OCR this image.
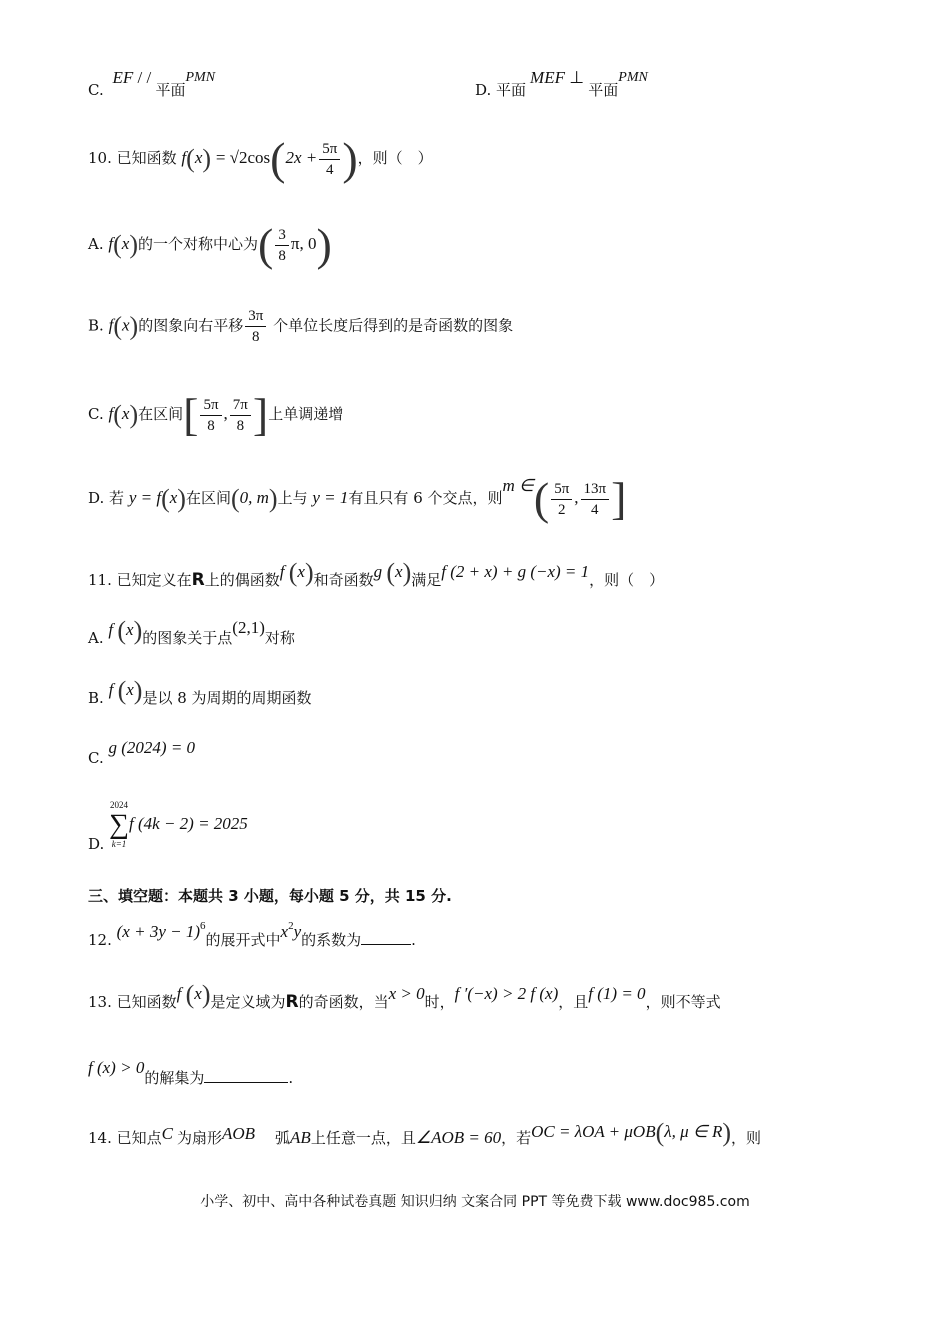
C. EF / / 平面PMN
D. 平面MEF ⊥ 平面PMN
10. 已知函数 $f(x) = √2\cos(2x + \frac{5\pi}{4}$ )，则（　）
A. f(x)的一个对称中心为( $\frac{3}{8} \pi$, 0)
B. f(x)的图象向右平移 $\frac{3\pi}{8}$ 个单位长度后得到的是奇函数的图象
C. f(x)在区间[ $\frac{5\pi}{8}$ , $\frac{7\pi}{8}$ ]上单调递增
D. 若 y = f(x)在区间(0, m)上与 y = 1有且只有 6 个交点，则m ∈( $\frac{5\pi}{2}$ , $\frac{13\pi}{4}$ ]
11. 已知定义在R上的偶函数f (x)和奇函数g (x)满足f (2 + x) + g (−x) = 1，则（　）
A. f (x)的图象关于点(2,1)对称
B. f (x)是以 8 为周期的周期函数
C. g (2024) = 0
D.
2024
∑
k=1
f (4k − 2) = 2025
三、填空题：本题共 3 小题，每小题 5 分，共 15 分.
12. $(x + 3y - 1)^6$的展开式中$x^2y$的系数为	.
13. 已知函数f (x)是定义域为R的奇函数，当x > 0时，f ′(−x) > 2 f (x)，且f (1) = 0，则不等式
f (x) > 0的解集为	.
14. 已知点C 为扇形AOB 弧AB上任意一点，且∠AOB = 60，若OC = λOA + μOB(λ, μ ∈ R)，则
小学、初中、高中各种试卷真题 知识归纳 文案合同 PPT 等免费下载 www.doc985.com
